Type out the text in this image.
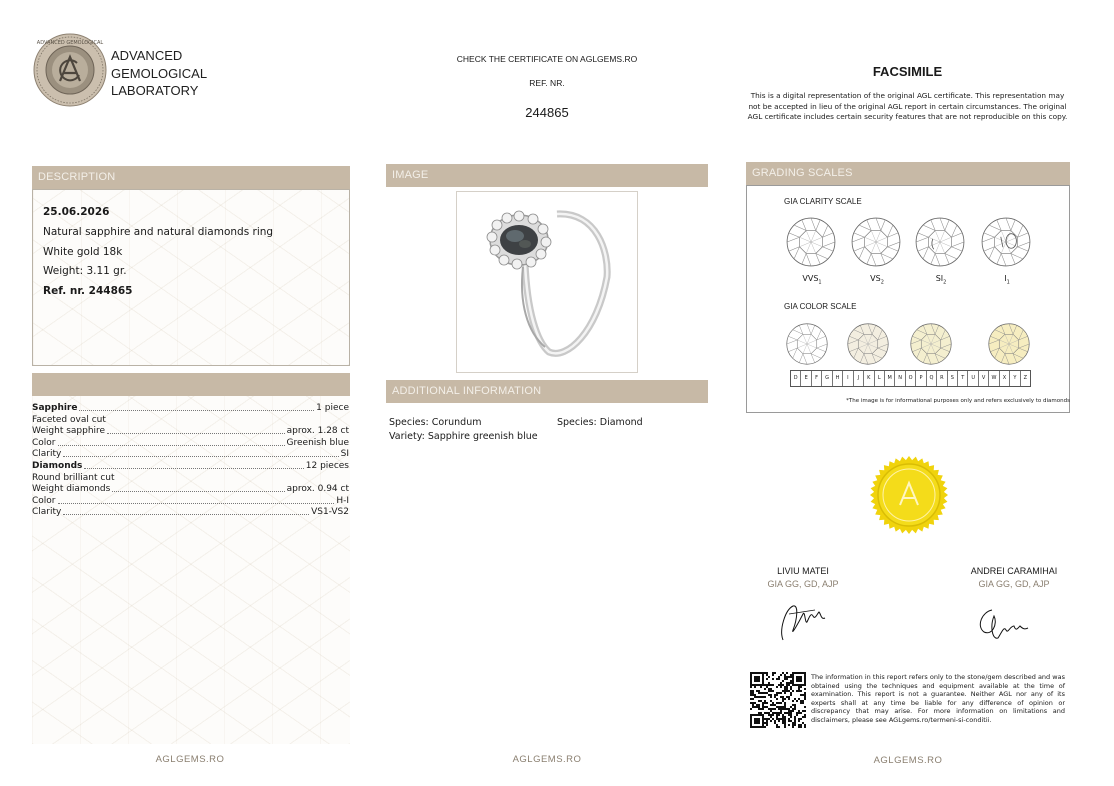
ADVANCED GEMOLOGICAL
ADVANCED
GEMOLOGICAL
LABORATORY
CHECK THE CERTIFICATE ON AGLGEMS.RO
REF. NR.
244865
FACSIMILE
This is a digital representation of the original AGL certificate. This representation may not be accepted in lieu of the original AGL report in certain circumstances. The original AGL certificate includes certain security features that are not reproducible on this copy.
DESCRIPTION
25.06.2026
Natural sapphire and natural diamonds ring
White gold 18k
Weight: 3.11 gr.
Ref. nr. 244865
Sapphire	1 piece
Faceted oval cut
Weight sapphire	aprox. 1.28 ct
Color	Greenish blue
Clarity	SI
Diamonds	12 pieces
Round brilliant cut
Weight diamonds	aprox. 0.94 ct
Color	H-I
Clarity	VS1-VS2
IMAGE
ADDITIONAL INFORMATION
Species: Corundum
Variety: Sapphire greenish blue
Species: Diamond
GRADING SCALES
GIA CLARITY SCALE
$VVS_1$	$VS_2$	$SI_2$	$I_1$
GIA COLOR SCALE
D	E	F	G	H	I	J	K	L	M	N	O	P	Q	R	S	T	U	V	W	X	Y	Z
*The image is for informational purposes only and refers exclusively to diamonds
LIVIU MATEI
GIA GG, GD, AJP
ANDREI CARAMIHAI
GIA GG, GD, AJP
The information in this report refers only to the stone/gem described and was obtained using the techniques and equipment available at the time of examination. This report is not a guarantee. Neither AGL nor any of its experts shall at any time be liable for any difference of opinion or discrepancy that may arise. For more information on limitations and disclaimers, please see AGLgems.ro/termeni-si-conditii.
AGLGEMS.RO	AGLGEMS.RO	AGLGEMS.RO
